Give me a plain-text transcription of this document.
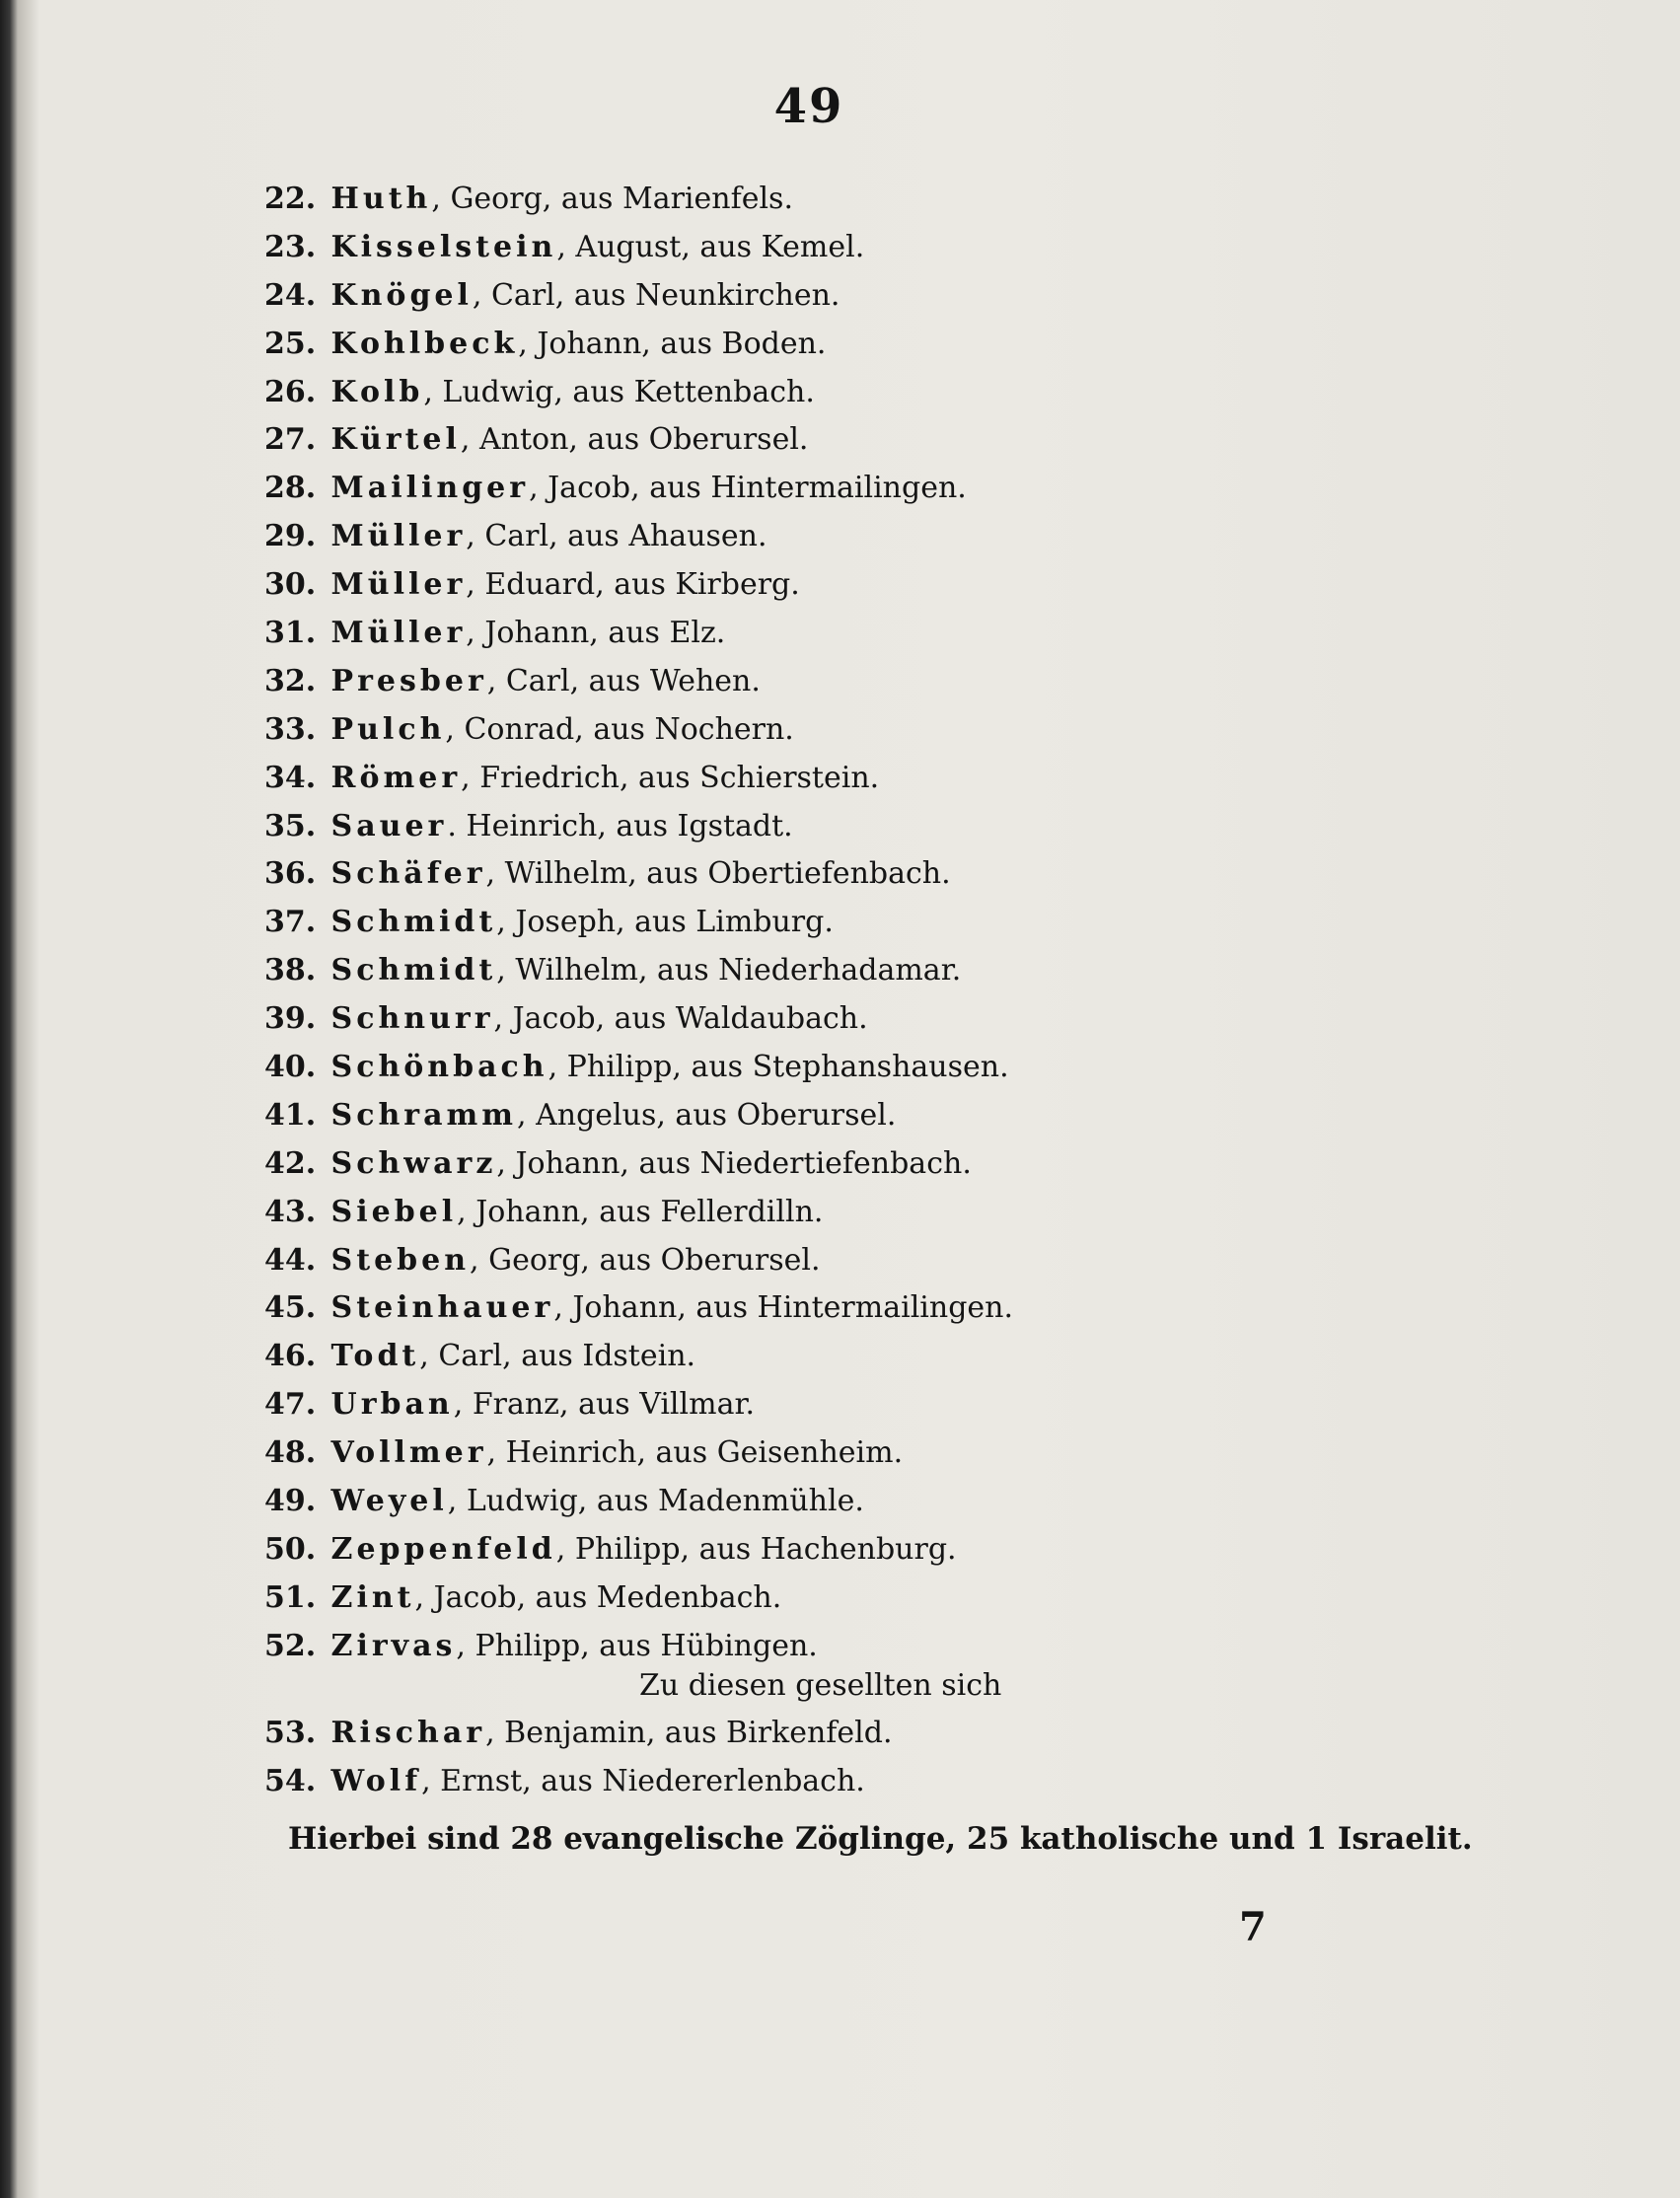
49
22. Huth, Georg, aus Marienfels.
23. Kisselstein, August, aus Kemel.
24. Knögel, Carl, aus Neunkirchen.
25. Kohlbeck, Johann, aus Boden.
26. Kolb, Ludwig, aus Kettenbach.
27. Kürtel, Anton, aus Oberursel.
28. Mailinger, Jacob, aus Hintermailingen.
29. Müller, Carl, aus Ahausen.
30. Müller, Eduard, aus Kirberg.
31. Müller, Johann, aus Elz.
32. Presber, Carl, aus Wehen.
33. Pulch, Conrad, aus Nochern.
34. Römer, Friedrich, aus Schierstein.
35. Sauer. Heinrich, aus Igstadt.
36. Schäfer, Wilhelm, aus Obertiefenbach.
37. Schmidt, Joseph, aus Limburg.
38. Schmidt, Wilhelm, aus Niederhadamar.
39. Schnurr, Jacob, aus Waldaubach.
40. Schönbach, Philipp, aus Stephanshausen.
41. Schramm, Angelus, aus Oberursel.
42. Schwarz, Johann, aus Niedertiefenbach.
43. Siebel, Johann, aus Fellerdilln.
44. Steben, Georg, aus Oberursel.
45. Steinhauer, Johann, aus Hintermailingen.
46. Todt, Carl, aus Idstein.
47. Urban, Franz, aus Villmar.
48. Vollmer, Heinrich, aus Geisenheim.
49. Weyel, Ludwig, aus Madenmühle.
50. Zeppenfeld, Philipp, aus Hachenburg.
51. Zint, Jacob, aus Medenbach.
52. Zirvas, Philipp, aus Hübingen.
Zu diesen gesellten sich
53. Rischar, Benjamin, aus Birkenfeld.
54. Wolf, Ernst, aus Niedererlenbach.
Hierbei sind 28 evangelische Zöglinge, 25 katholische und 1 Israelit.
7
